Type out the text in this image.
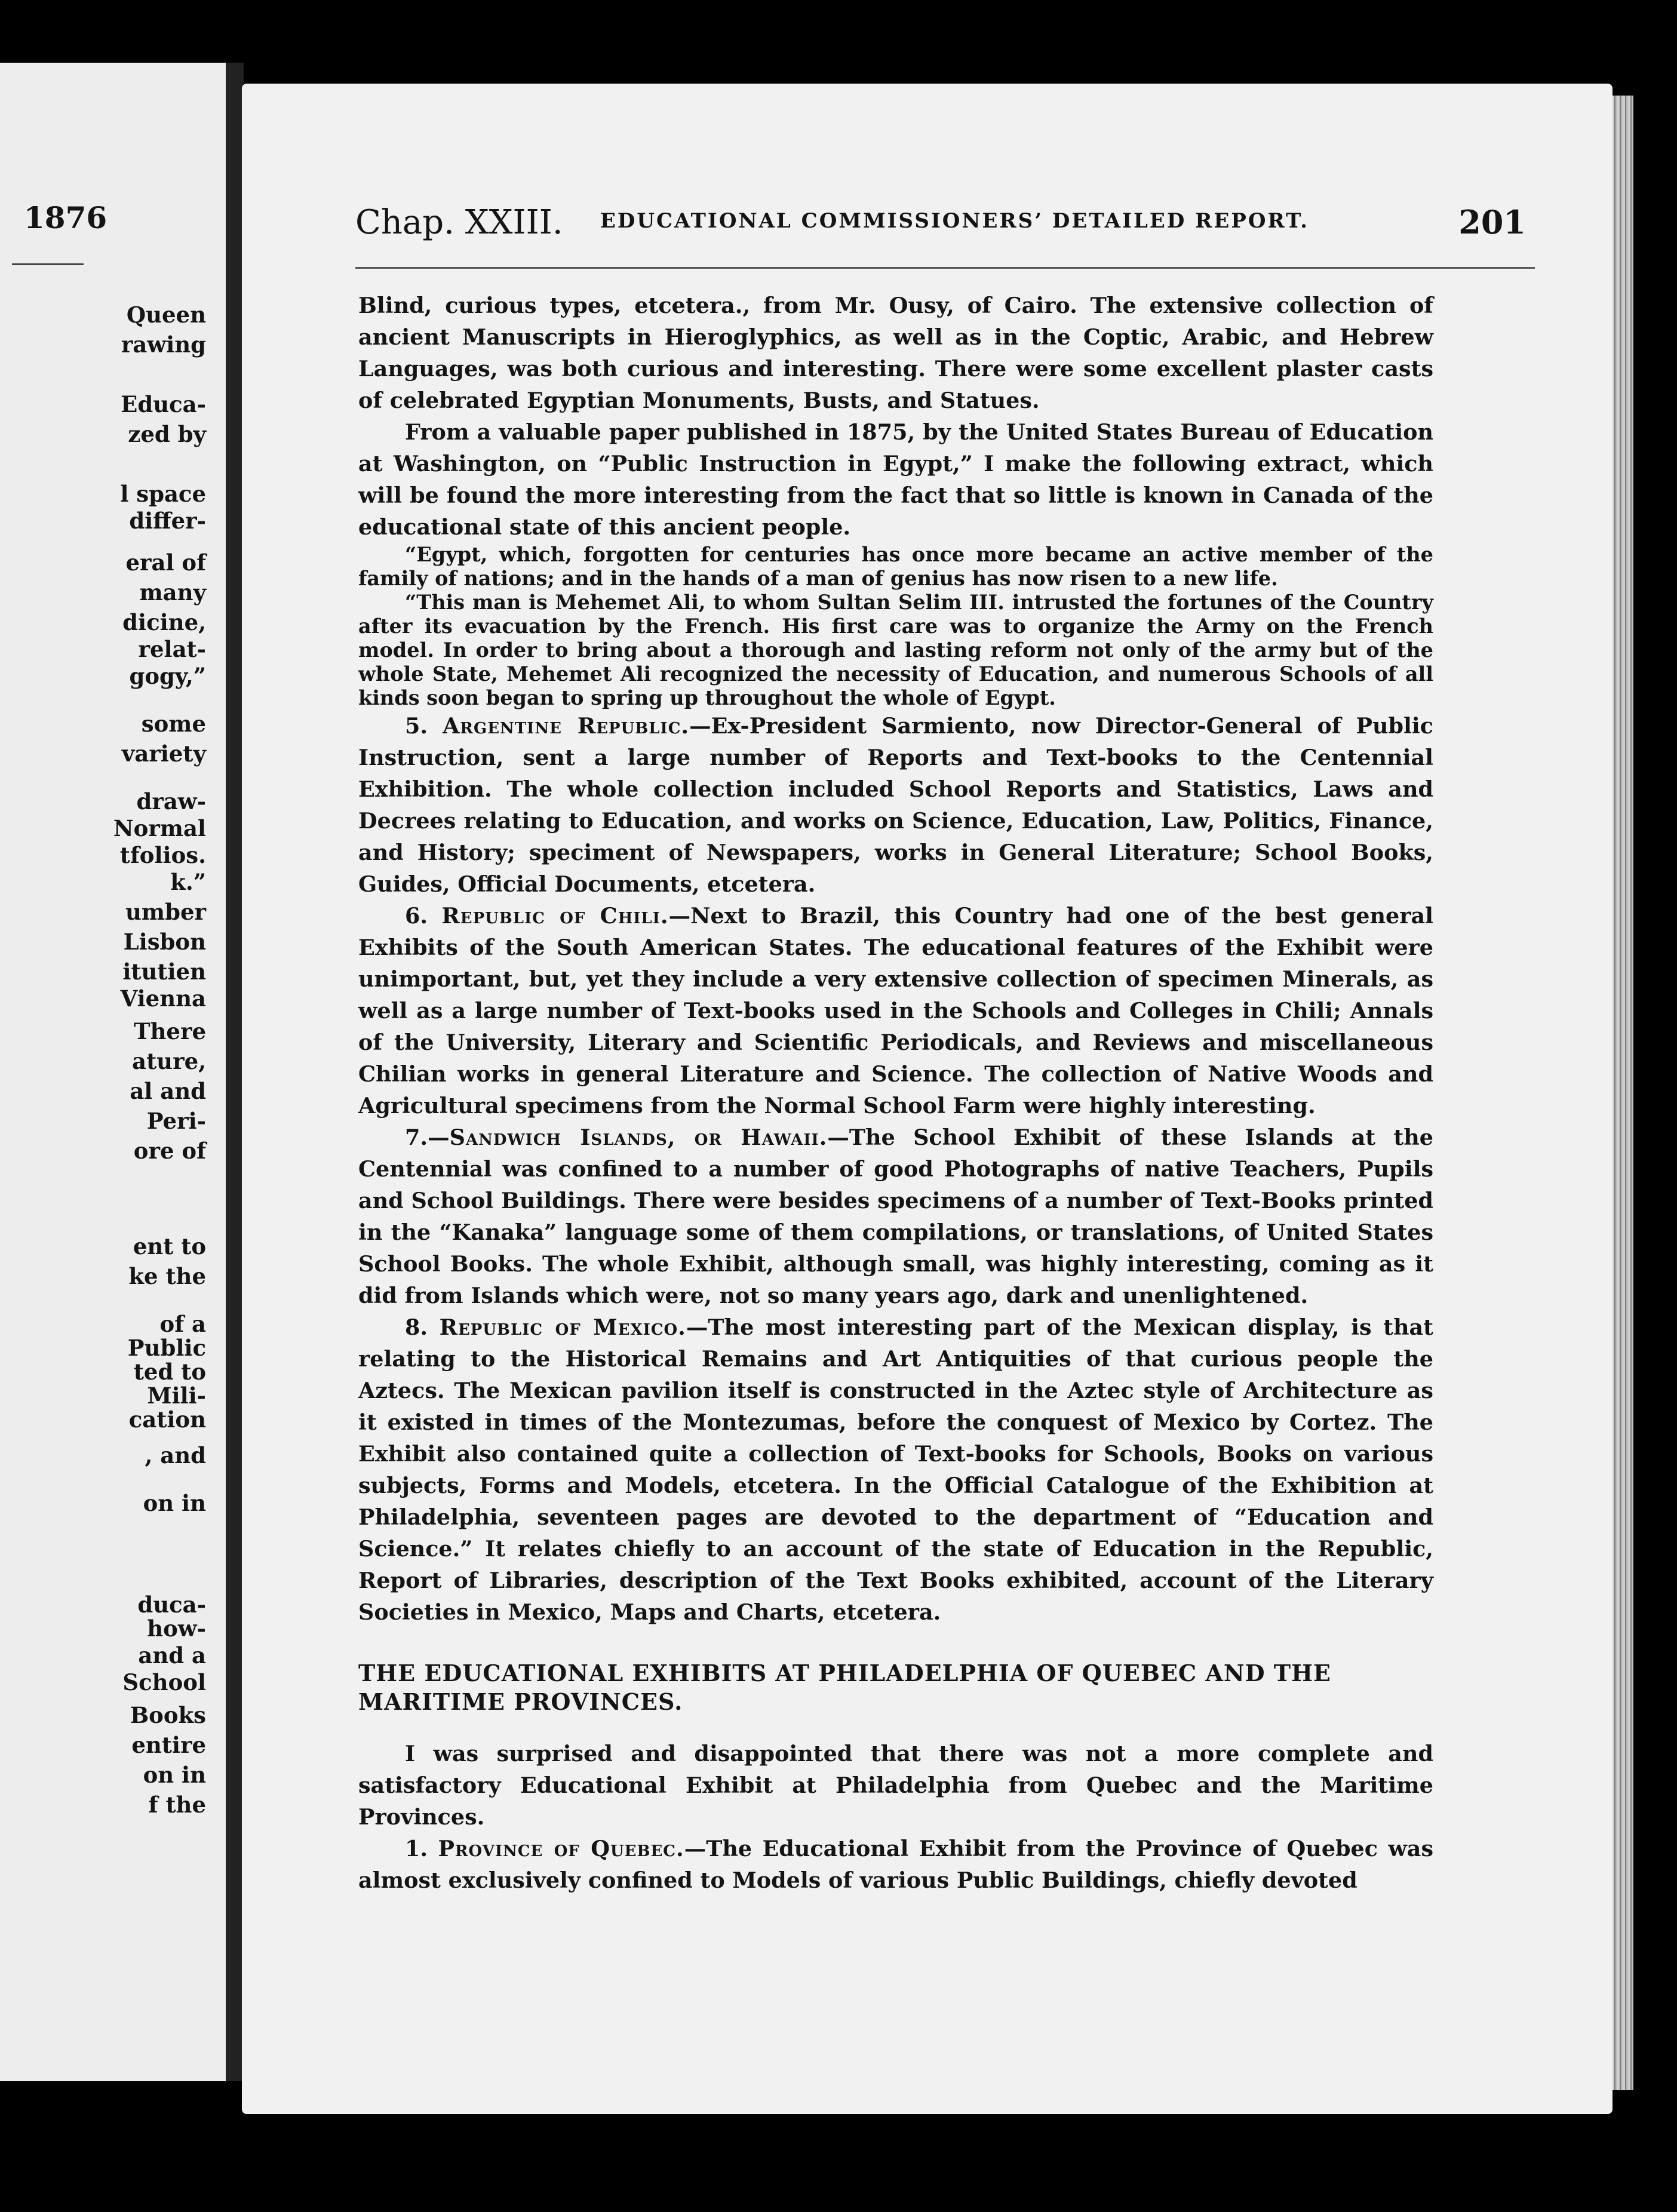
1876
Queen
rawing
Educa-
zed by
l space
differ-
eral of
many
dicine,
relat-
gogy,”
some
variety
draw-
Normal
tfolios.
k.”
umber
Lisbon
itutien
Vienna
There
ature,
al and
Peri-
ore of
ent to
ke the
of a
Public
ted to
Mili-
cation
, and
on in
duca-
how-
and a
School
Books
entire
on in
f the
Chap. XXIII. EDUCATIONAL COMMISSIONERS’ DETAILED REPORT.	201

Blind, curious types, etcetera., from Mr. Ousy, of Cairo. The extensive collection of ancient Manuscripts in Hieroglyphics, as well as in the Coptic, Arabic, and Hebrew Languages, was both curious and interesting. There were some excellent plaster casts of celebrated Egyptian Monuments, Busts, and Statues.

From a valuable paper published in 1875, by the United States Bureau of Education at Washington, on “Public Instruction in Egypt,” I make the following extract, which will be found the more interesting from the fact that so little is known in Canada of the educational state of this ancient people.

“Egypt, which, forgotten for centuries has once more became an active member of the family of nations; and in the hands of a man of genius has now risen to a new life.

“This man is Mehemet Ali, to whom Sultan Selim III. intrusted the fortunes of the Country after its evacuation by the French. His first care was to organize the Army on the French model. In order to bring about a thorough and lasting reform not only of the army but of the whole State, Mehemet Ali recognized the necessity of Education, and numerous Schools of all kinds soon began to spring up throughout the whole of Egypt.

5. Argentine Republic.—Ex-President Sarmiento, now Director-General of Public Instruction, sent a large number of Reports and Text-books to the Centennial Exhibition. The whole collection included School Reports and Statistics, Laws and Decrees relating to Education, and works on Science, Education, Law, Politics, Finance, and History; speciment of Newspapers, works in General Literature; School Books, Guides, Official Documents, etcetera.

6. Republic of Chili.—Next to Brazil, this Country had one of the best general Exhibits of the South American States. The educational features of the Exhibit were unimportant, but, yet they include a very extensive collection of specimen Minerals, as well as a large number of Text-books used in the Schools and Colleges in Chili; Annals of the University, Literary and Scientific Periodicals, and Reviews and miscellaneous Chilian works in general Literature and Science. The collection of Native Woods and Agricultural specimens from the Normal School Farm were highly interesting.

7.—Sandwich Islands, or Hawaii.—The School Exhibit of these Islands at the Centennial was confined to a number of good Photographs of native Teachers, Pupils and School Buildings. There were besides specimens of a number of Text-Books printed in the “Kanaka” language some of them compilations, or translations, of United States School Books. The whole Exhibit, although small, was highly interesting, coming as it did from Islands which were, not so many years ago, dark and unenlightened.

8. Republic of Mexico.—The most interesting part of the Mexican display, is that relating to the Historical Remains and Art Antiquities of that curious people the Aztecs. The Mexican pavilion itself is constructed in the Aztec style of Architecture as it existed in times of the Montezumas, before the conquest of Mexico by Cortez. The Exhibit also contained quite a collection of Text-books for Schools, Books on various subjects, Forms and Models, etcetera. In the Official Catalogue of the Exhibition at Philadelphia, seventeen pages are devoted to the department of “Education and Science.” It relates chiefly to an account of the state of Education in the Republic, Report of Libraries, description of the Text Books exhibited, account of the Literary Societies in Mexico, Maps and Charts, etcetera.

THE EDUCATIONAL EXHIBITS AT PHILADELPHIA OF QUEBEC AND THE
MARITIME PROVINCES.

I was surprised and disappointed that there was not a more complete and satisfactory Educational Exhibit at Philadelphia from Quebec and the Maritime Provinces.

1. Province of Quebec.—The Educational Exhibit from the Province of Quebec was almost exclusively confined to Models of various Public Buildings, chiefly devoted
